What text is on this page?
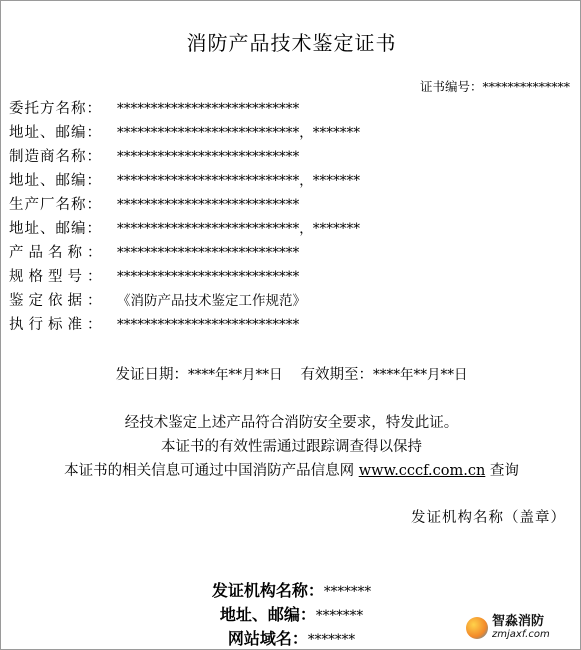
消防产品技术鉴定证书
证书编号：**************
委托方名称： ***************************
地址、邮编： ***************************，*******
制造商名称： ***************************
地址、邮编： ***************************，*******
生产厂名称： ***************************
地址、邮编： ***************************，*******
产品名称： ***************************
规格型号： ***************************
鉴定依据： 《消防产品技术鉴定工作规范》
执行标准： ***************************
发证日期：****年**月**日 有效期至：****年**月**日
经技术鉴定上述产品符合消防安全要求，特发此证。
本证书的有效性需通过跟踪调查得以保持
本证书的相关信息可通过中国消防产品信息网 www.cccf.com.cn 查询
发证机构名称（盖章）
发证机构名称：*******
地址、邮编：*******
网站域名：*******
智淼消防
zmjaxf.com
